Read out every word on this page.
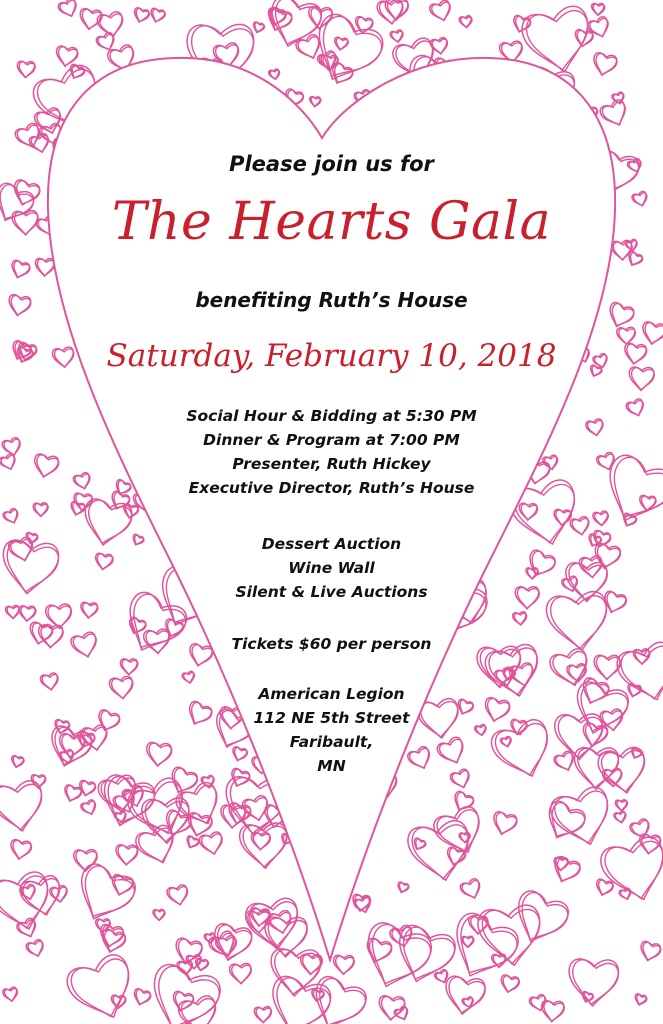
Please join us for
The Hearts Gala
benefiting Ruth’s House
Saturday, February 10, 2018
Social Hour & Bidding at 5:30 PM
Dinner & Program at 7:00 PM
Presenter, Ruth Hickey
Executive Director, Ruth’s House
Dessert Auction
Wine Wall
Silent & Live Auctions
Tickets $60 per person
American Legion
112 NE 5th Street
Faribault,
MN
